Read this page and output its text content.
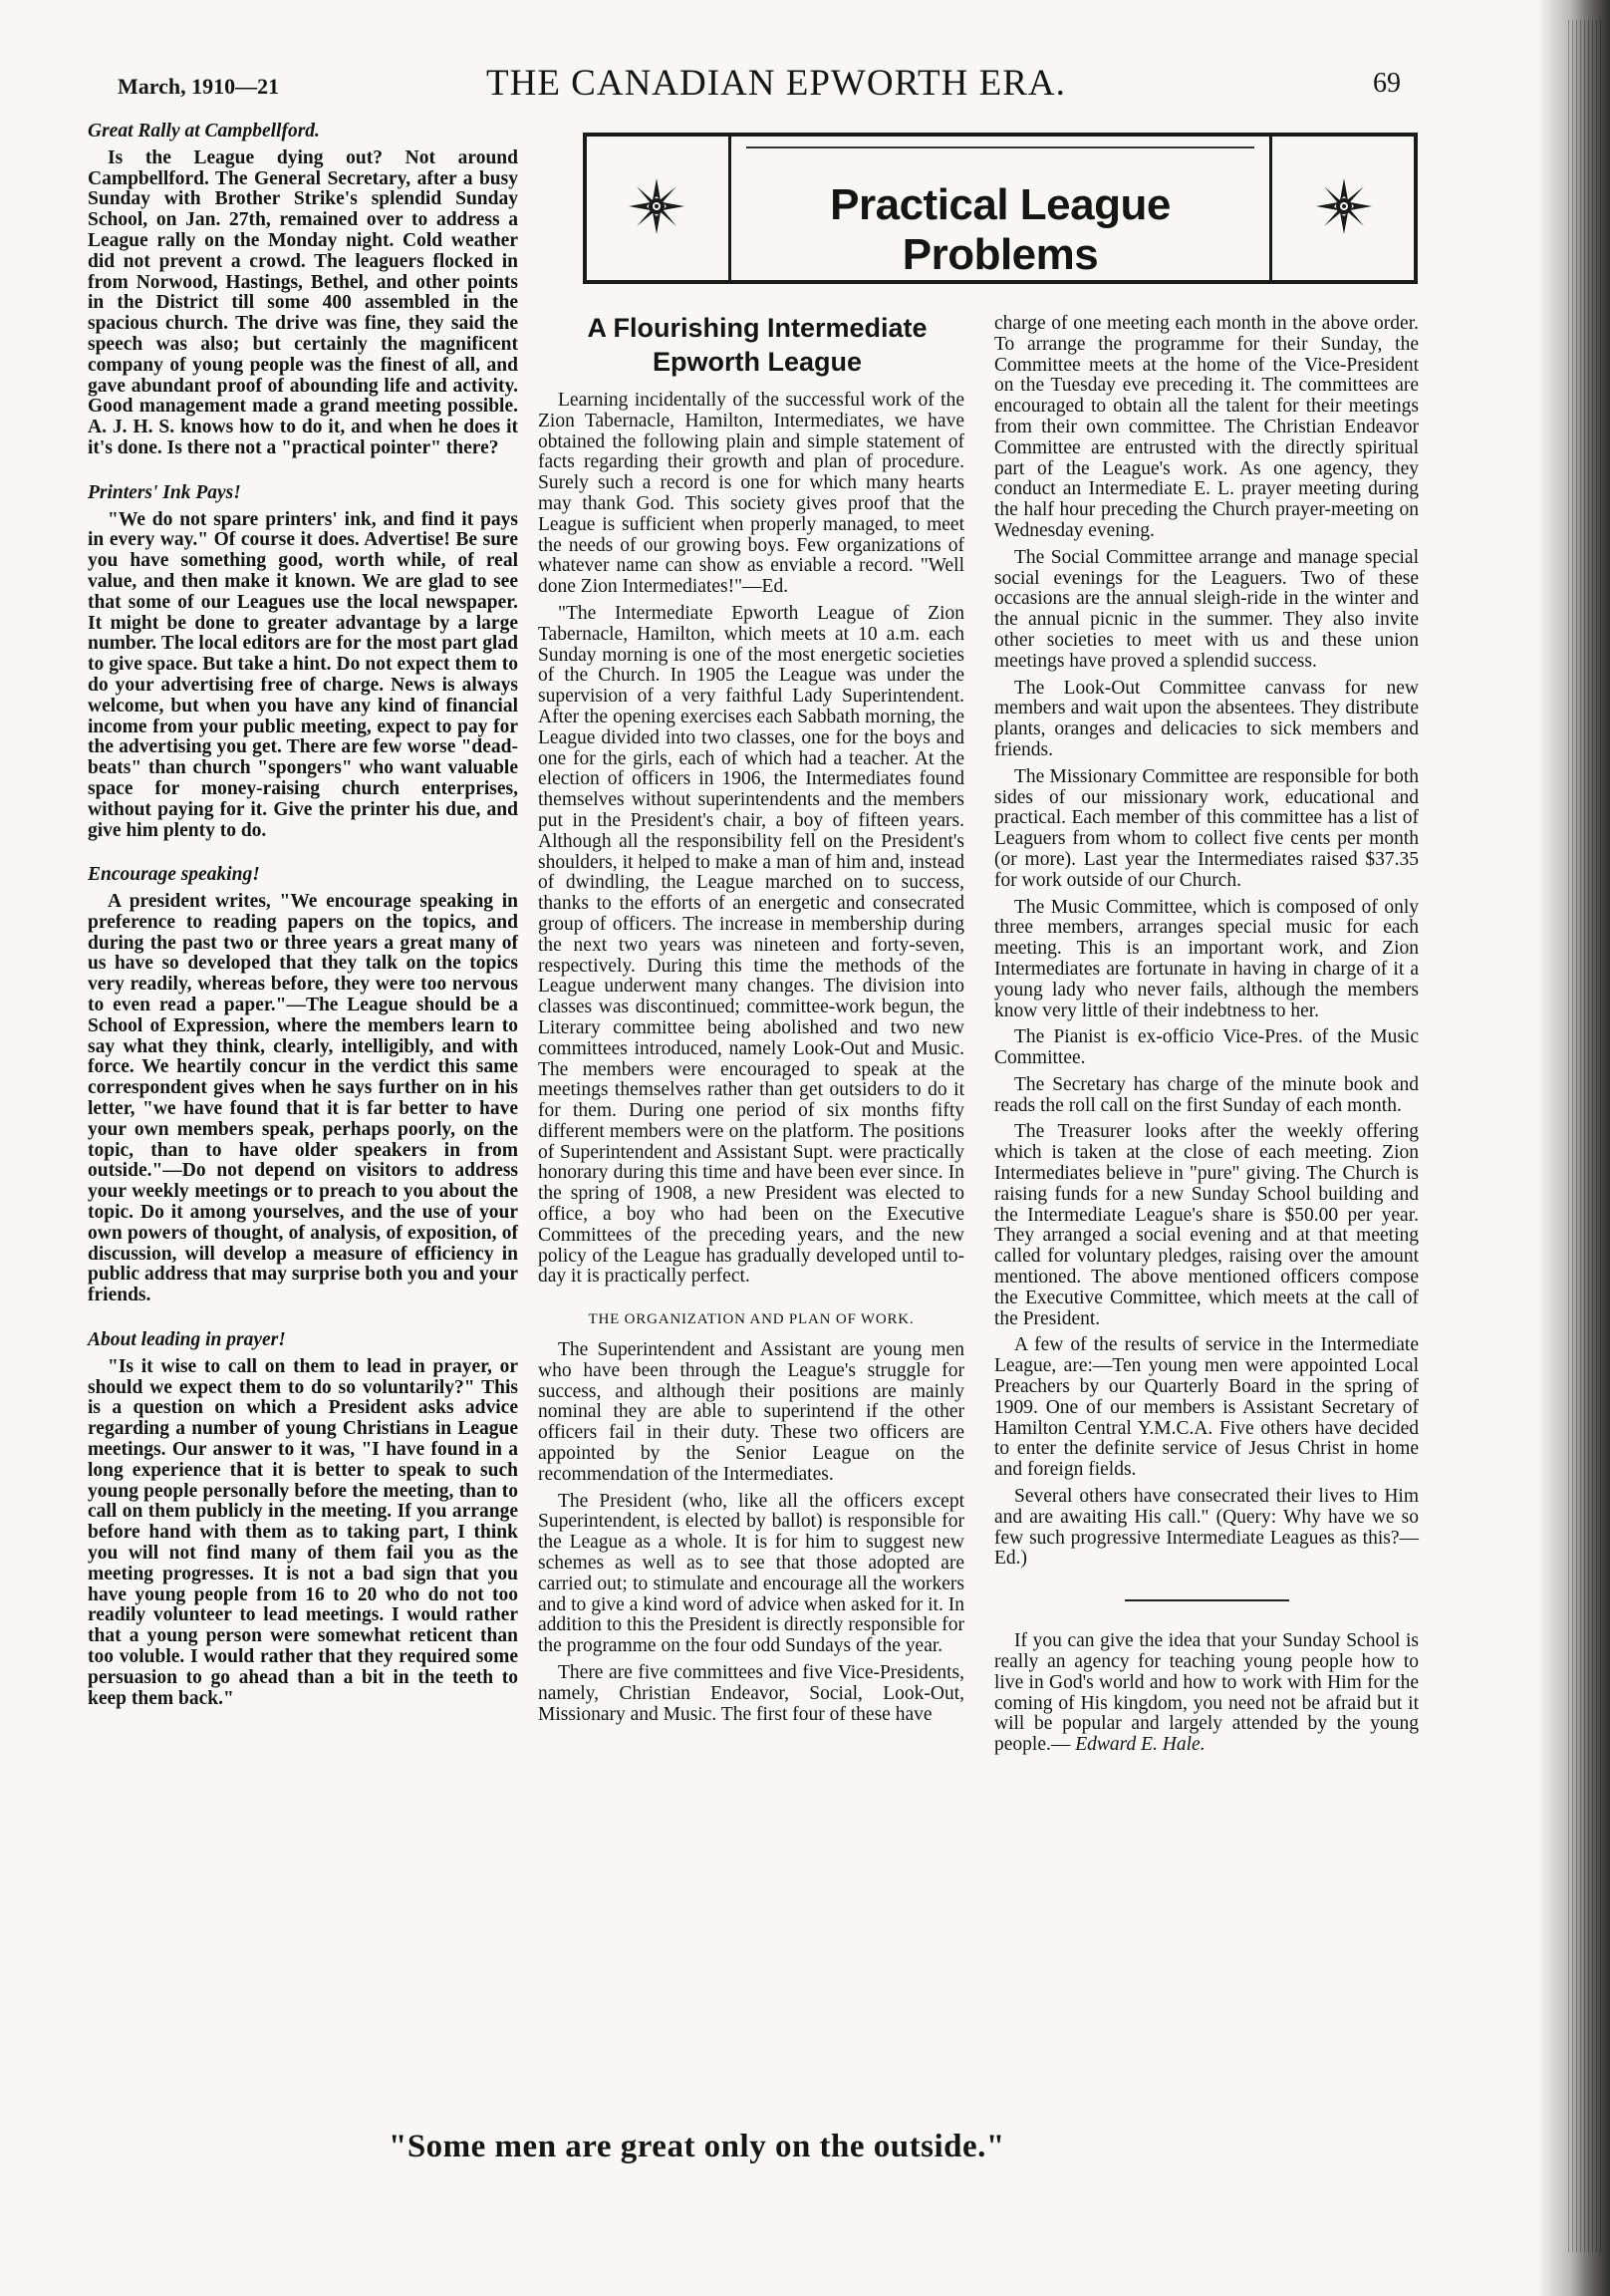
March, 1910—21	THE CANADIAN EPWORTH ERA.	69

Great Rally at Campbellford.

Is the League dying out? Not around Campbellford. The General Secretary, after a busy Sunday with Brother Strike's splendid Sunday School, on Jan. 27th, remained over to address a League rally on the Monday night. Cold weather did not prevent a crowd. The leaguers flocked in from Norwood, Hastings, Bethel, and other points in the District till some 400 assembled in the spacious church. The drive was fine, they said the speech was also; but certainly the magnificent company of young people was the finest of all, and gave abundant proof of abounding life and activity. Good management made a grand meeting possible. A. J. H. S. knows how to do it, and when he does it it's done. Is there not a "practical pointer" there?

Printers' Ink Pays!

"We do not spare printers' ink, and find it pays in every way." Of course it does. Advertise! Be sure you have something good, worth while, of real value, and then make it known. We are glad to see that some of our Leagues use the local newspaper. It might be done to greater advantage by a large number. The local editors are for the most part glad to give space. But take a hint. Do not expect them to do your advertising free of charge. News is always welcome, but when you have any kind of financial income from your public meeting, expect to pay for the advertising you get. There are few worse "dead-beats" than church "spongers" who want valuable space for money-raising church enterprises, without paying for it. Give the printer his due, and give him plenty to do.

Encourage speaking!

A president writes, "We encourage speaking in preference to reading papers on the topics, and during the past two or three years a great many of us have so developed that they talk on the topics very readily, whereas before, they were too nervous to even read a paper."—The League should be a School of Expression, where the members learn to say what they think, clearly, intelligibly, and with force. We heartily concur in the verdict this same correspondent gives when he says further on in his letter, "we have found that it is far better to have your own members speak, perhaps poorly, on the topic, than to have older speakers in from outside."—Do not depend on visitors to address your weekly meetings or to preach to you about the topic. Do it among yourselves, and the use of your own powers of thought, of analysis, of exposition, of discussion, will develop a measure of efficiency in public address that may surprise both you and your friends.

About leading in prayer!

"Is it wise to call on them to lead in prayer, or should we expect them to do so voluntarily?" This is a question on which a President asks advice regarding a number of young Christians in League meetings. Our answer to it was, "I have found in a long experience that it is better to speak to such young people personally before the meeting, than to call on them publicly in the meeting. If you arrange before hand with them as to taking part, I think you will not find many of them fail you as the meeting progresses. It is not a bad sign that you have young people from 16 to 20 who do not too readily volunteer to lead meetings. I would rather that a young person were somewhat reticent than too voluble. I would rather that they required some persuasion to go ahead than a bit in the teeth to keep them back."

Practical League Problems
A Flourishing Intermediate
Epworth League

Learning incidentally of the successful work of the Zion Tabernacle, Hamilton, Intermediates, we have obtained the following plain and simple statement of facts regarding their growth and plan of procedure. Surely such a record is one for which many hearts may thank God. This society gives proof that the League is sufficient when properly managed, to meet the needs of our growing boys. Few organizations of whatever name can show as enviable a record. "Well done Zion Intermediates!"—Ed.

"The Intermediate Epworth League of Zion Tabernacle, Hamilton, which meets at 10 a.m. each Sunday morning is one of the most energetic societies of the Church. In 1905 the League was under the supervision of a very faithful Lady Superintendent. After the opening exercises each Sabbath morning, the League divided into two classes, one for the boys and one for the girls, each of which had a teacher. At the election of officers in 1906, the Intermediates found themselves without superintendents and the members put in the President's chair, a boy of fifteen years. Although all the responsibility fell on the President's shoulders, it helped to make a man of him and, instead of dwindling, the League marched on to success, thanks to the efforts of an energetic and consecrated group of officers. The increase in membership during the next two years was nineteen and forty-seven, respectively. During this time the methods of the League underwent many changes. The division into classes was discontinued; committee-work begun, the Literary committee being abolished and two new committees introduced, namely Look-Out and Music. The members were encouraged to speak at the meetings themselves rather than get outsiders to do it for them. During one period of six months fifty different members were on the platform. The positions of Superintendent and Assistant Supt. were practically honorary during this time and have been ever since. In the spring of 1908, a new President was elected to office, a boy who had been on the Executive Committees of the preceding years, and the new policy of the League has gradually developed until to-day it is practically perfect.

THE ORGANIZATION AND PLAN OF WORK.

The Superintendent and Assistant are young men who have been through the League's struggle for success, and although their positions are mainly nominal they are able to superintend if the other officers fail in their duty. These two officers are appointed by the Senior League on the recommendation of the Intermediates.

The President (who, like all the officers except Superintendent, is elected by ballot) is responsible for the League as a whole. It is for him to suggest new schemes as well as to see that those adopted are carried out; to stimulate and encourage all the workers and to give a kind word of advice when asked for it. In addition to this the President is directly responsible for the programme on the four odd Sundays of the year.

There are five committees and five Vice-Presidents, namely, Christian Endeavor, Social, Look-Out, Missionary and Music. The first four of these have

charge of one meeting each month in the above order. To arrange the programme for their Sunday, the Committee meets at the home of the Vice-President on the Tuesday eve preceding it. The committees are encouraged to obtain all the talent for their meetings from their own committee. The Christian Endeavor Committee are entrusted with the directly spiritual part of the League's work. As one agency, they conduct an Intermediate E. L. prayer meeting during the half hour preceding the Church prayer-meeting on Wednesday evening.

The Social Committee arrange and manage special social evenings for the Leaguers. Two of these occasions are the annual sleigh-ride in the winter and the annual picnic in the summer. They also invite other societies to meet with us and these union meetings have proved a splendid success.

The Look-Out Committee canvass for new members and wait upon the absentees. They distribute plants, oranges and delicacies to sick members and friends.

The Missionary Committee are responsible for both sides of our missionary work, educational and practical. Each member of this committee has a list of Leaguers from whom to collect five cents per month (or more). Last year the Intermediates raised $37.35 for work outside of our Church.

The Music Committee, which is composed of only three members, arranges special music for each meeting. This is an important work, and Zion Intermediates are fortunate in having in charge of it a young lady who never fails, although the members know very little of their indebtness to her.

The Pianist is ex-officio Vice-Pres. of the Music Committee.

The Secretary has charge of the minute book and reads the roll call on the first Sunday of each month.

The Treasurer looks after the weekly offering which is taken at the close of each meeting. Zion Intermediates believe in "pure" giving. The Church is raising funds for a new Sunday School building and the Intermediate League's share is $50.00 per year. They arranged a social evening and at that meeting called for voluntary pledges, raising over the amount mentioned. The above mentioned officers compose the Executive Committee, which meets at the call of the President.

A few of the results of service in the Intermediate League, are:—Ten young men were appointed Local Preachers by our Quarterly Board in the spring of 1909. One of our members is Assistant Secretary of Hamilton Central Y.M.C.A. Five others have decided to enter the definite service of Jesus Christ in home and foreign fields.

Several others have consecrated their lives to Him and are awaiting His call." (Query: Why have we so few such progressive Intermediate Leagues as this?—Ed.)

If you can give the idea that your Sunday School is really an agency for teaching young people how to live in God's world and how to work with Him for the coming of His kingdom, you need not be afraid but it will be popular and largely attended by the young people.— Edward E. Hale.

"Some men are great only on the outside."
